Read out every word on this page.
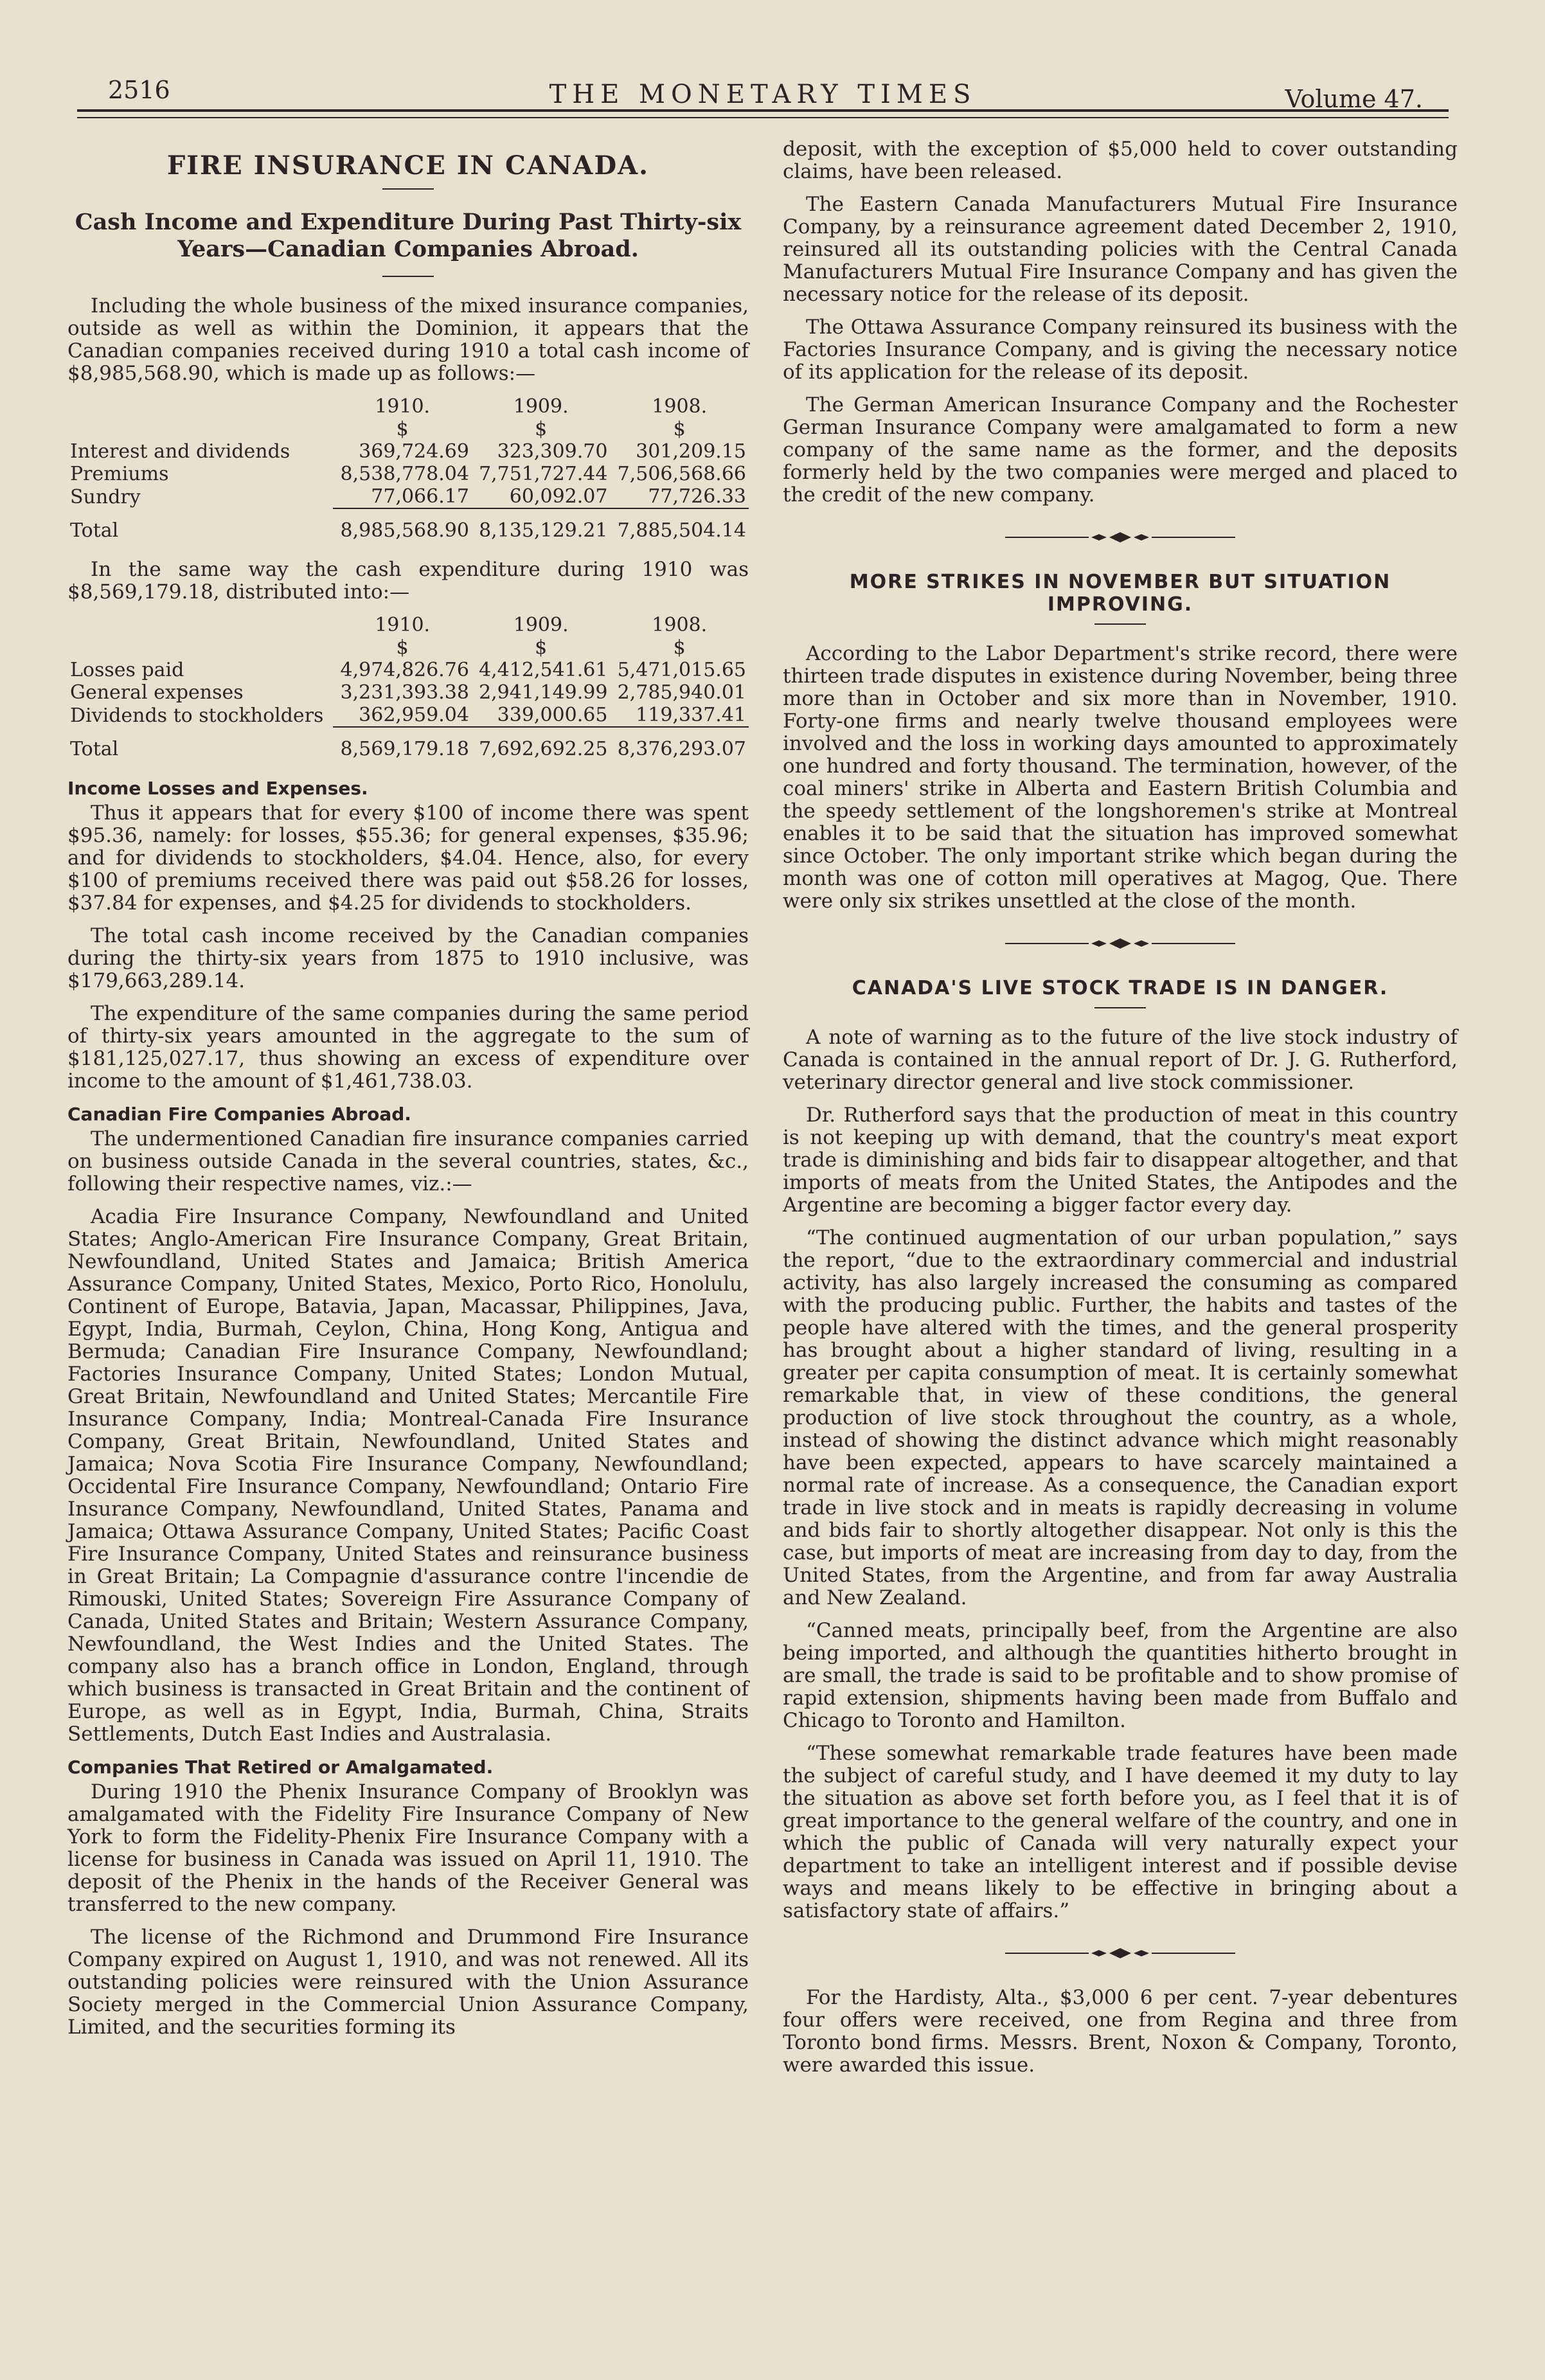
2516	THE MONETARY TIMES	Volume 47.
FIRE INSURANCE IN CANADA.
Cash Income and Expenditure During Past Thirty-six Years—Canadian Companies Abroad.

Including the whole business of the mixed insurance companies, outside as well as within the Dominion, it appears that the Canadian companies received during 1910 a total cash income of $8,985,568.90, which is made up as follows:—

	1910.	1909.	1908.
	$	$	$
Interest and dividends	369,724.69	323,309.70	301,209.15
Premiums	8,538,778.04	7,751,727.44	7,506,568.66
Sundry	77,066.17	60,092.07	77,726.33
Total	8,985,568.90	8,135,129.21	7,885,504.14

In the same way the cash expenditure during 1910 was $8,569,179.18, distributed into:—

	1910.	1909.	1908.
	$	$	$
Losses paid	4,974,826.76	4,412,541.61	5,471,015.65
General expenses	3,231,393.38	2,941,149.99	2,785,940.01
Dividends to stockholders	362,959.04	339,000.65	119,337.41
Total	8,569,179.18	7,692,692.25	8,376,293.07
Income Losses and Expenses.

Thus it appears that for every $100 of income there was spent $95.36, namely: for losses, $55.36; for general expenses, $35.96; and for dividends to stockholders, $4.04. Hence, also, for every $100 of premiums received there was paid out $58.26 for losses, $37.84 for expenses, and $4.25 for dividends to stockholders.

The total cash income received by the Canadian companies during the thirty-six years from 1875 to 1910 inclusive, was $179,663,289.14.

The expenditure of the same companies during the same period of thirty-six years amounted in the aggregate to the sum of $181,125,027.17, thus showing an excess of expenditure over income to the amount of $1,461,738.03.

Canadian Fire Companies Abroad.

The undermentioned Canadian fire insurance companies carried on business outside Canada in the several countries, states, &c., following their respective names, viz.:—

Acadia Fire Insurance Company, Newfoundland and United States; Anglo-American Fire Insurance Company, Great Britain, Newfoundland, United States and Jamaica; British America Assurance Company, United States, Mexico, Porto Rico, Honolulu, Continent of Europe, Batavia, Japan, Macassar, Philippines, Java, Egypt, India, Burmah, Ceylon, China, Hong Kong, Antigua and Bermuda; Canadian Fire Insurance Company, Newfoundland; Factories Insurance Company, United States; London Mutual, Great Britain, Newfoundland and United States; Mercantile Fire Insurance Company, India; Montreal-Canada Fire Insurance Company, Great Britain, Newfoundland, United States and Jamaica; Nova Scotia Fire Insurance Company, Newfoundland; Occidental Fire Insurance Company, Newfoundland; Ontario Fire Insurance Company, Newfoundland, United States, Panama and Jamaica; Ottawa Assurance Company, United States; Pacific Coast Fire Insurance Company, United States and reinsurance business in Great Britain; La Compagnie d'assurance contre l'incendie de Rimouski, United States; Sovereign Fire Assurance Company of Canada, United States and Britain; Western Assurance Company, Newfoundland, the West Indies and the United States. The company also has a branch office in London, England, through which business is transacted in Great Britain and the continent of Europe, as well as in Egypt, India, Burmah, China, Straits Settlements, Dutch East Indies and Australasia.

Companies That Retired or Amalgamated.

During 1910 the Phenix Insurance Company of Brooklyn was amalgamated with the Fidelity Fire Insurance Company of New York to form the Fidelity-Phenix Fire Insurance Company with a license for business in Canada was issued on April 11, 1910. The deposit of the Phenix in the hands of the Receiver General was transferred to the new company.

The license of the Richmond and Drummond Fire Insurance Company expired on August 1, 1910, and was not renewed. All its outstanding policies were reinsured with the Union Assurance Society merged in the Commercial Union Assurance Company, Limited, and the securities forming its

deposit, with the exception of $5,000 held to cover outstanding claims, have been released.

The Eastern Canada Manufacturers Mutual Fire Insurance Company, by a reinsurance agreement dated December 2, 1910, reinsured all its outstanding policies with the Central Canada Manufacturers Mutual Fire Insurance Company and has given the necessary notice for the release of its deposit.

The Ottawa Assurance Company reinsured its business with the Factories Insurance Company, and is giving the necessary notice of its application for the release of its deposit.

The German American Insurance Company and the Rochester German Insurance Company were amalgamated to form a new company of the same name as the former, and the deposits formerly held by the two companies were merged and placed to the credit of the new company.

MORE STRIKES IN NOVEMBER BUT SITUATION IMPROVING.

According to the Labor Department's strike record, there were thirteen trade disputes in existence during November, being three more than in October and six more than in November, 1910. Forty-one firms and nearly twelve thousand employees were involved and the loss in working days amounted to approximately one hundred and forty thousand. The termination, however, of the coal miners' strike in Alberta and Eastern British Columbia and the speedy settlement of the longshoremen's strike at Montreal enables it to be said that the situation has improved somewhat since October. The only important strike which began during the month was one of cotton mill operatives at Magog, Que. There were only six strikes unsettled at the close of the month.

CANADA'S LIVE STOCK TRADE IS IN DANGER.

A note of warning as to the future of the live stock industry of Canada is contained in the annual report of Dr. J. G. Rutherford, veterinary director general and live stock commissioner.

Dr. Rutherford says that the production of meat in this country is not keeping up with demand, that the country's meat export trade is diminishing and bids fair to disappear altogether, and that imports of meats from the United States, the Antipodes and the Argentine are becoming a bigger factor every day.

“The continued augmentation of our urban population,” says the report, “due to the extraordinary commercial and industrial activity, has also largely increased the consuming as compared with the producing public. Further, the habits and tastes of the people have altered with the times, and the general prosperity has brought about a higher standard of living, resulting in a greater per capita consumption of meat. It is certainly somewhat remarkable that, in view of these conditions, the general production of live stock throughout the country, as a whole, instead of showing the distinct advance which might reasonably have been expected, appears to have scarcely maintained a normal rate of increase. As a consequence, the Canadian export trade in live stock and in meats is rapidly decreasing in volume and bids fair to shortly altogether disappear. Not only is this the case, but imports of meat are increasing from day to day, from the United States, from the Argentine, and from far away Australia and New Zealand.

“Canned meats, principally beef, from the Argentine are also being imported, and although the quantities hitherto brought in are small, the trade is said to be profitable and to show promise of rapid extension, shipments having been made from Buffalo and Chicago to Toronto and Hamilton.

“These somewhat remarkable trade features have been made the subject of careful study, and I have deemed it my duty to lay the situation as above set forth before you, as I feel that it is of great importance to the general welfare of the country, and one in which the public of Canada will very naturally expect your department to take an intelligent interest and if possible devise ways and means likely to be effective in bringing about a satisfactory state of affairs.”

For the Hardisty, Alta., $3,000 6 per cent. 7-year debentures four offers were received, one from Regina and three from Toronto bond firms. Messrs. Brent, Noxon & Company, Toronto, were awarded this issue.
